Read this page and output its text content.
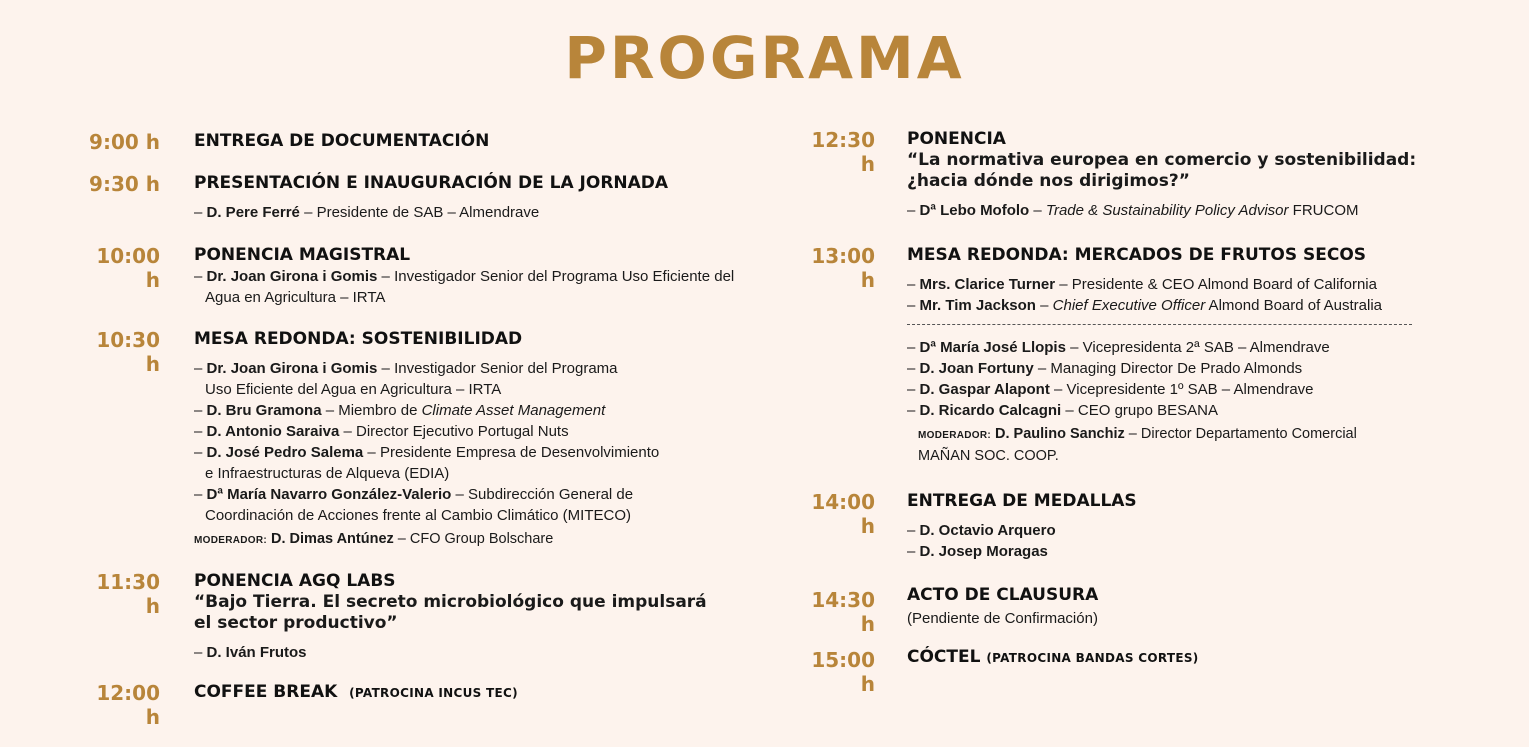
PROGRAMA
9:00 h ENTREGA DE DOCUMENTACIÓN
9:30 h PRESENTACIÓN E INAUGURACIÓN DE LA JORNADA
– D. Pere Ferré – Presidente de SAB – Almendrave
10:00 h
PONENCIA MAGISTRAL
– Dr. Joan Girona i Gomis – Investigador Senior del Programa Uso Eficiente del Agua en Agricultura – IRTA
10:30 h
MESA REDONDA: SOSTENIBILIDAD
– Dr. Joan Girona i Gomis – Investigador Senior del Programa
Uso Eficiente del Agua en Agricultura – IRTA
– D. Bru Gramona – Miembro de Climate Asset Management
– D. Antonio Saraiva – Director Ejecutivo Portugal Nuts
– D. José Pedro Salema – Presidente Empresa de Desenvolvimiento
e Infraestructuras de Alqueva (EDIA)
– Dª María Navarro González-Valerio – Subdirección General de
Coordinación de Acciones frente al Cambio Climático (MITECO)
MODERADOR: D. Dimas Antúnez – CFO Group Bolschare
11:30 h
PONENCIA AGQ LABS
“Bajo Tierra. El secreto microbiológico que impulsará
el sector productivo”
– D. Iván Frutos
12:00 h
COFFEE BREAK (PATROCINA INCUS TEC)
12:30 h
PONENCIA
“La normativa europea en comercio y sostenibilidad:
¿hacia dónde nos dirigimos?”
– Dª Lebo Mofolo – Trade & Sustainability Policy Advisor FRUCOM
13:00 h
MESA REDONDA: MERCADOS DE FRUTOS SECOS
– Mrs. Clarice Turner – Presidente & CEO Almond Board of California
– Mr. Tim Jackson – Chief Executive Officer Almond Board of Australia
– Dª María José Llopis – Vicepresidenta 2ª SAB – Almendrave
– D. Joan Fortuny – Managing Director De Prado Almonds
– D. Gaspar Alapont – Vicepresidente 1º SAB – Almendrave
– D. Ricardo Calcagni – CEO grupo BESANA
MODERADOR: D. Paulino Sanchiz – Director Departamento Comercial
MAÑAN SOC. COOP.
14:00 h
ENTREGA DE MEDALLAS
– D. Octavio Arquero
– D. Josep Moragas
14:30 h
ACTO DE CLAUSURA
(Pendiente de Confirmación)
15:00 h
CÓCTEL (PATROCINA BANDAS CORTES)
